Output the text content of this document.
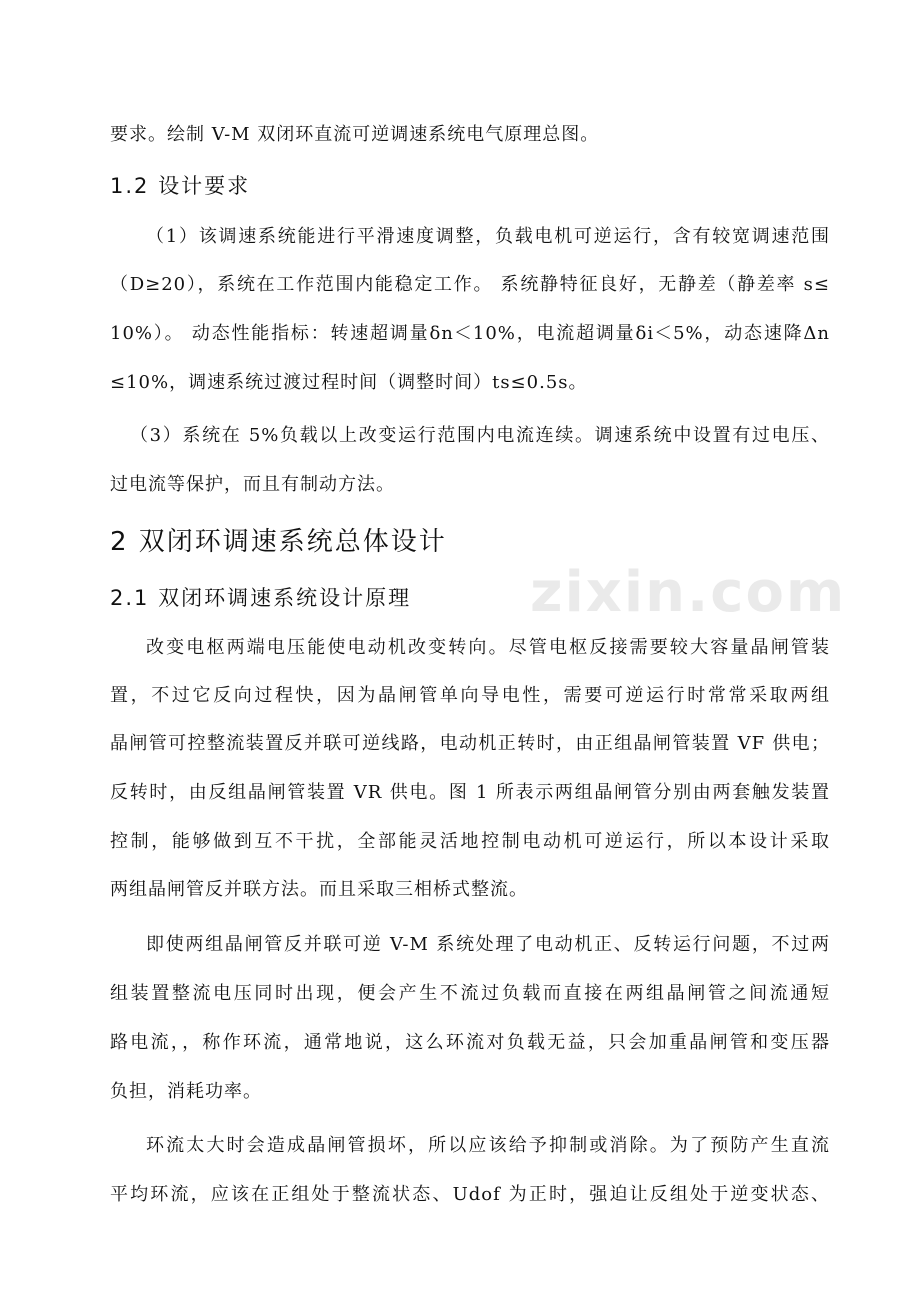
zixin.com
要求。绘制 V-M 双闭环直流可逆调速系统电气原理总图。
1.2 设计要求
（1）该调速系统能进行平滑速度调整，负载电机可逆运行，含有较宽调速范围
（D≥20），系统在工作范围内能稳定工作。 系统静特征良好，无静差（静差率 s≤
10%）。 动态性能指标：转速超调量δn＜10%，电流超调量δi＜5%，动态速降Δn
≤10%，调速系统过渡过程时间（调整时间）ts≤0.5s。
（3）系统在 5%负载以上改变运行范围内电流连续。调速系统中设置有过电压、
过电流等保护，而且有制动方法。
2 双闭环调速系统总体设计
2.1 双闭环调速系统设计原理
改变电枢两端电压能使电动机改变转向。尽管电枢反接需要较大容量晶闸管装
置，不过它反向过程快，因为晶闸管单向导电性，需要可逆运行时常常采取两组
晶闸管可控整流装置反并联可逆线路，电动机正转时，由正组晶闸管装置 VF 供电；
反转时，由反组晶闸管装置 VR 供电。图 1 所表示两组晶闸管分别由两套触发装置
控制，能够做到互不干扰，全部能灵活地控制电动机可逆运行，所以本设计采取
两组晶闸管反并联方法。而且采取三相桥式整流。
即使两组晶闸管反并联可逆 V-M 系统处理了电动机正、反转运行问题，不过两
组装置整流电压同时出现，便会产生不流过负载而直接在两组晶闸管之间流通短
路电流，，称作环流，通常地说，这么环流对负载无益，只会加重晶闸管和变压器
负担，消耗功率。
环流太大时会造成晶闸管损坏，所以应该给予抑制或消除。为了预防产生直流
平均环流，应该在正组处于整流状态、Udof 为正时，强迫让反组处于逆变状态、
